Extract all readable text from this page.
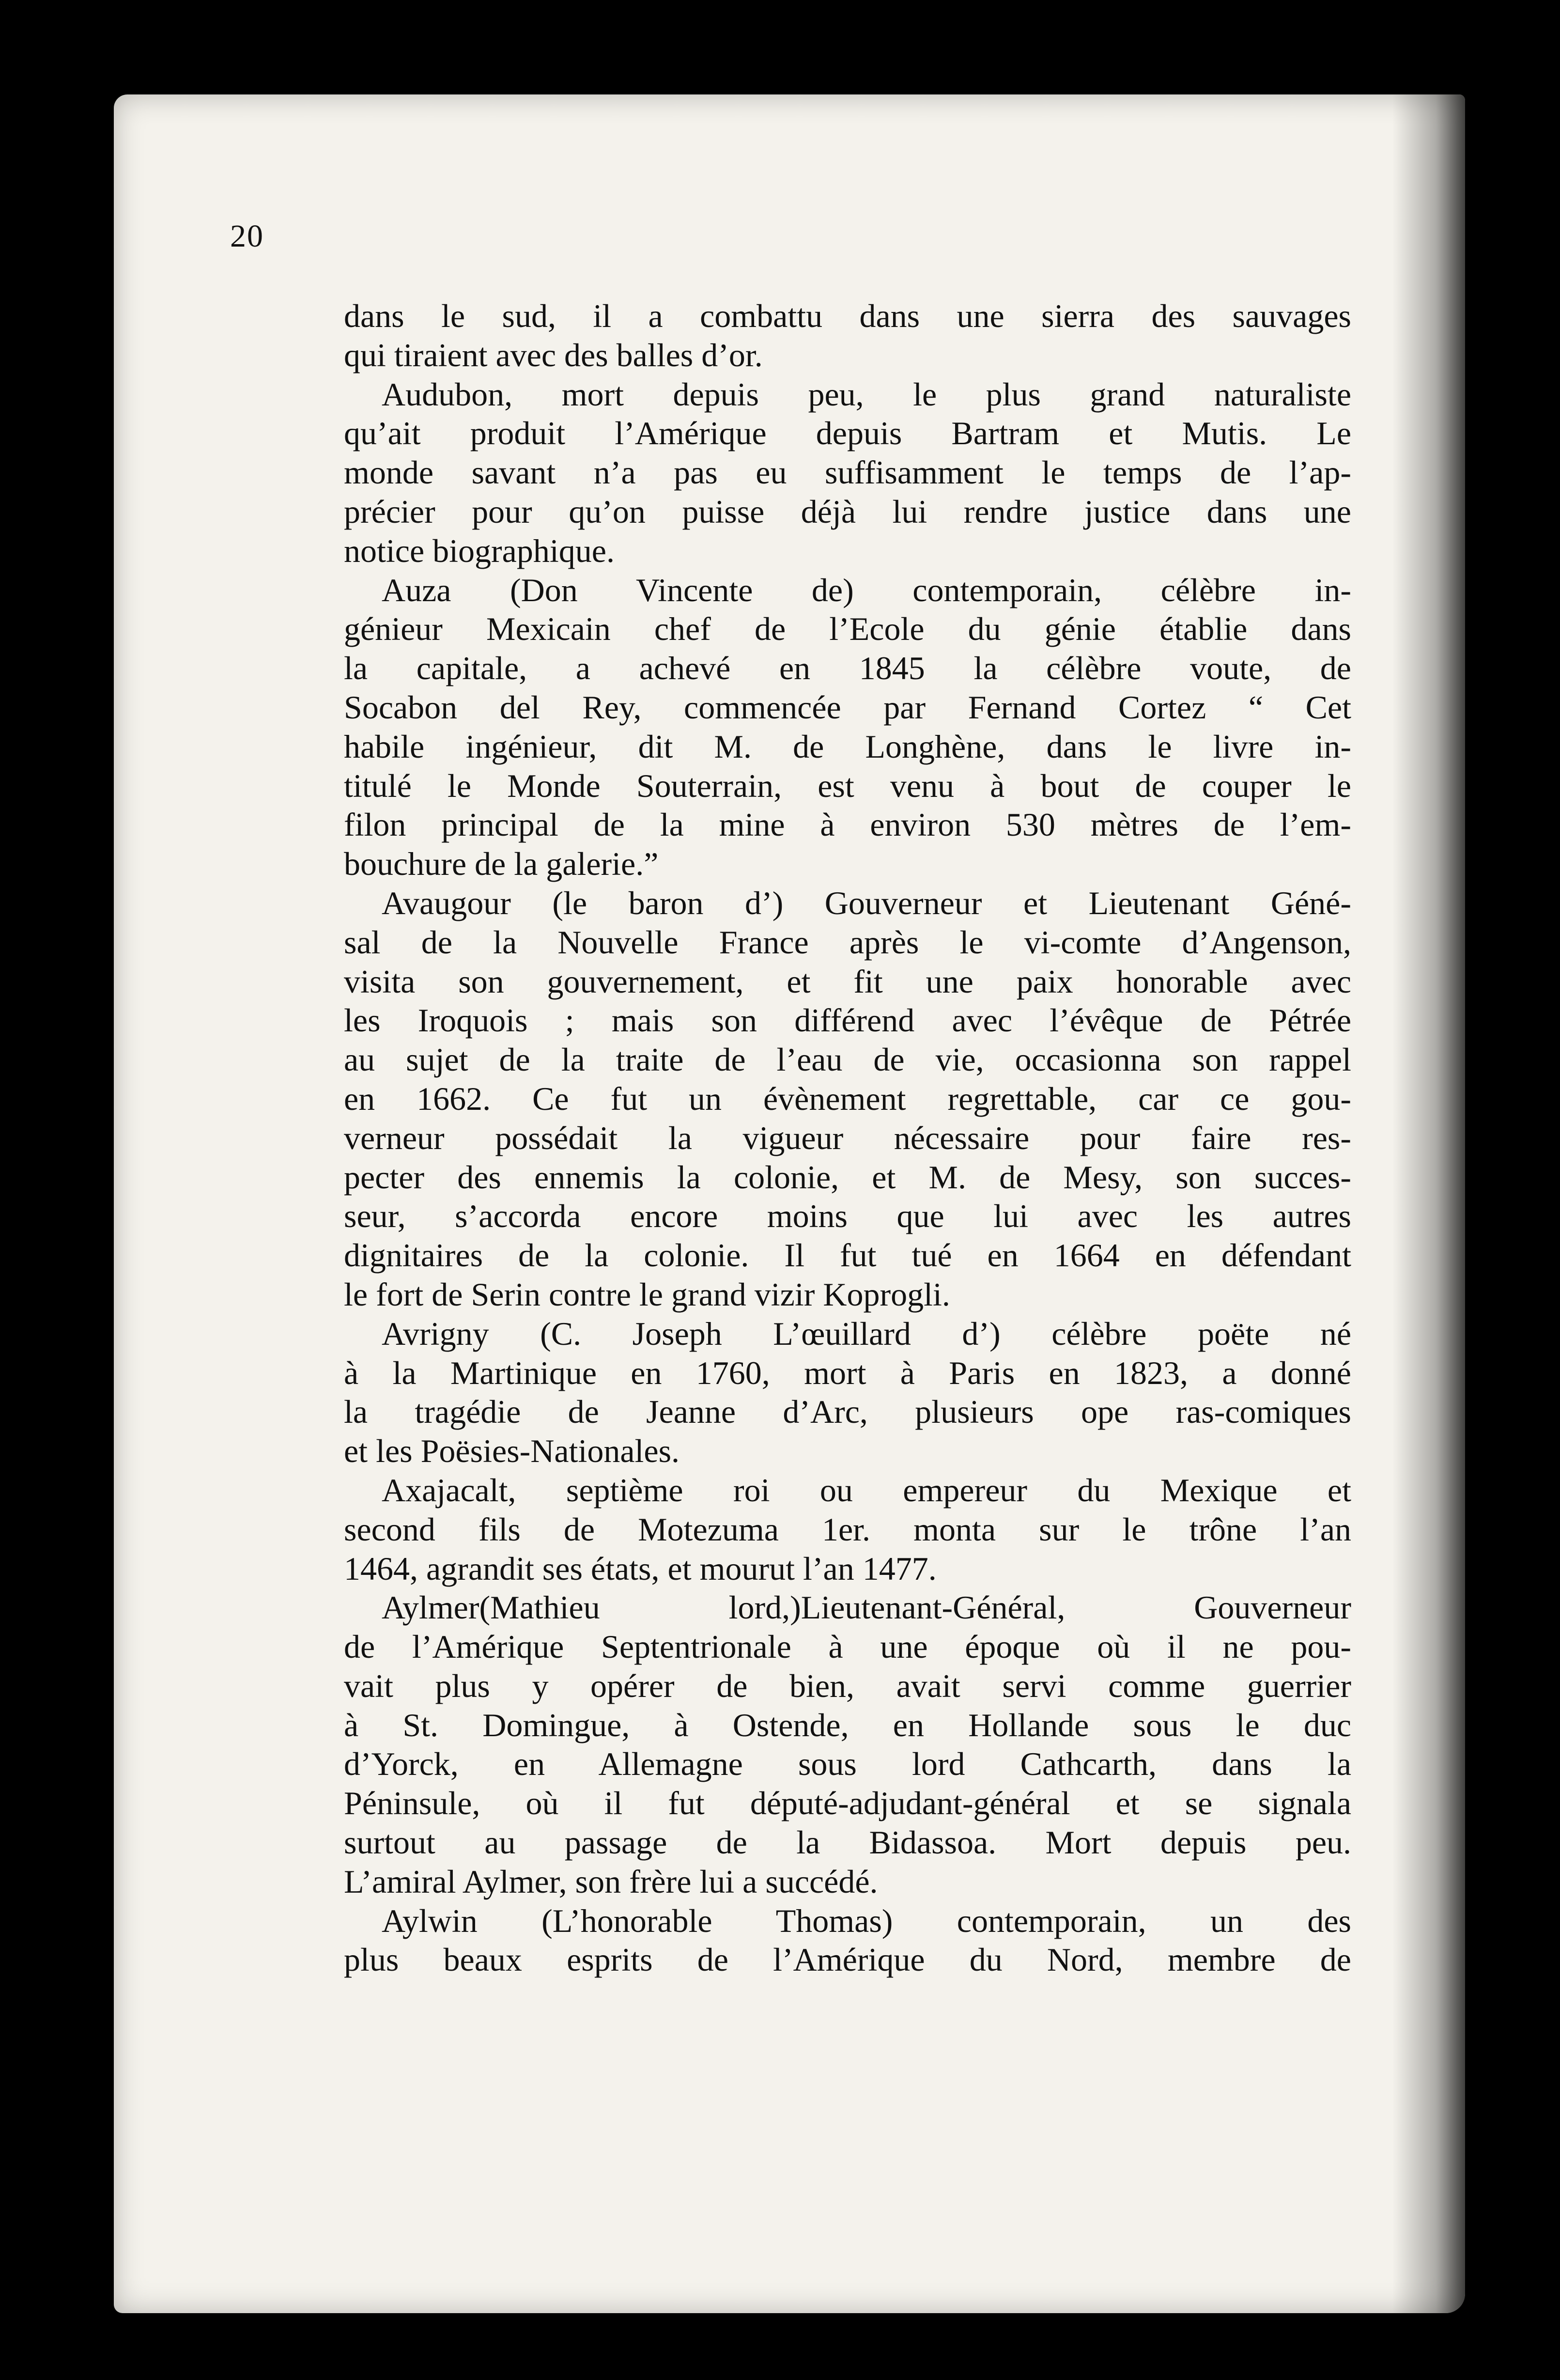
20
dans le sud, il a combattu dans une sierra des sauvages
qui tiraient avec des balles d’or.
Audubon, mort depuis peu, le plus grand naturaliste
qu’ait produit l’Amérique depuis Bartram et Mutis. Le
monde savant n’a pas eu suffisamment le temps de l’ap-
précier pour qu’on puisse déjà lui rendre justice dans une
notice biographique.
Auza (Don Vincente de) contemporain, célèbre in-
génieur Mexicain chef de l’Ecole du génie établie dans
la capitale, a achevé en 1845 la célèbre voute, de
Socabon del Rey, commencée par Fernand Cortez “ Cet
habile ingénieur, dit M. de Longhène, dans le livre in-
titulé le Monde Souterrain, est venu à bout de couper le
filon principal de la mine à environ 530 mètres de l’em-
bouchure de la galerie.”
Avaugour (le baron d’) Gouverneur et Lieutenant Géné-
sal de la Nouvelle France après le vi-comte d’Angenson,
visita son gouvernement, et fit une paix honorable avec
les Iroquois ; mais son différend avec l’évêque de Pétrée
au sujet de la traite de l’eau de vie, occasionna son rappel
en 1662. Ce fut un évènement regrettable, car ce gou-
verneur possédait la vigueur nécessaire pour faire res-
pecter des ennemis la colonie, et M. de Mesy, son succes-
seur, s’accorda encore moins que lui avec les autres
dignitaires de la colonie. Il fut tué en 1664 en défendant
le fort de Serin contre le grand vizir Koprogli.
Avrigny (C. Joseph L’œuillard d’) célèbre poëte né
à la Martinique en 1760, mort à Paris en 1823, a donné
la tragédie de Jeanne d’Arc, plusieurs ope ras-comiques
et les Poësies-Nationales.
Axajacalt, septième roi ou empereur du Mexique et
second fils de Motezuma 1er. monta sur le trône l’an
1464, agrandit ses états, et mourut l’an 1477.
Aylmer(Mathieu lord,)Lieutenant-Général, Gouverneur
de l’Amérique Septentrionale à une époque où il ne pou-
vait plus y opérer de bien, avait servi comme guerrier
à St. Domingue, à Ostende, en Hollande sous le duc
d’Yorck, en Allemagne sous lord Cathcarth, dans la
Péninsule, où il fut député-adjudant-général et se signala
surtout au passage de la Bidassoa. Mort depuis peu.
L’amiral Aylmer, son frère lui a succédé.
Aylwin (L’honorable Thomas) contemporain, un des
plus beaux esprits de l’Amérique du Nord, membre de
